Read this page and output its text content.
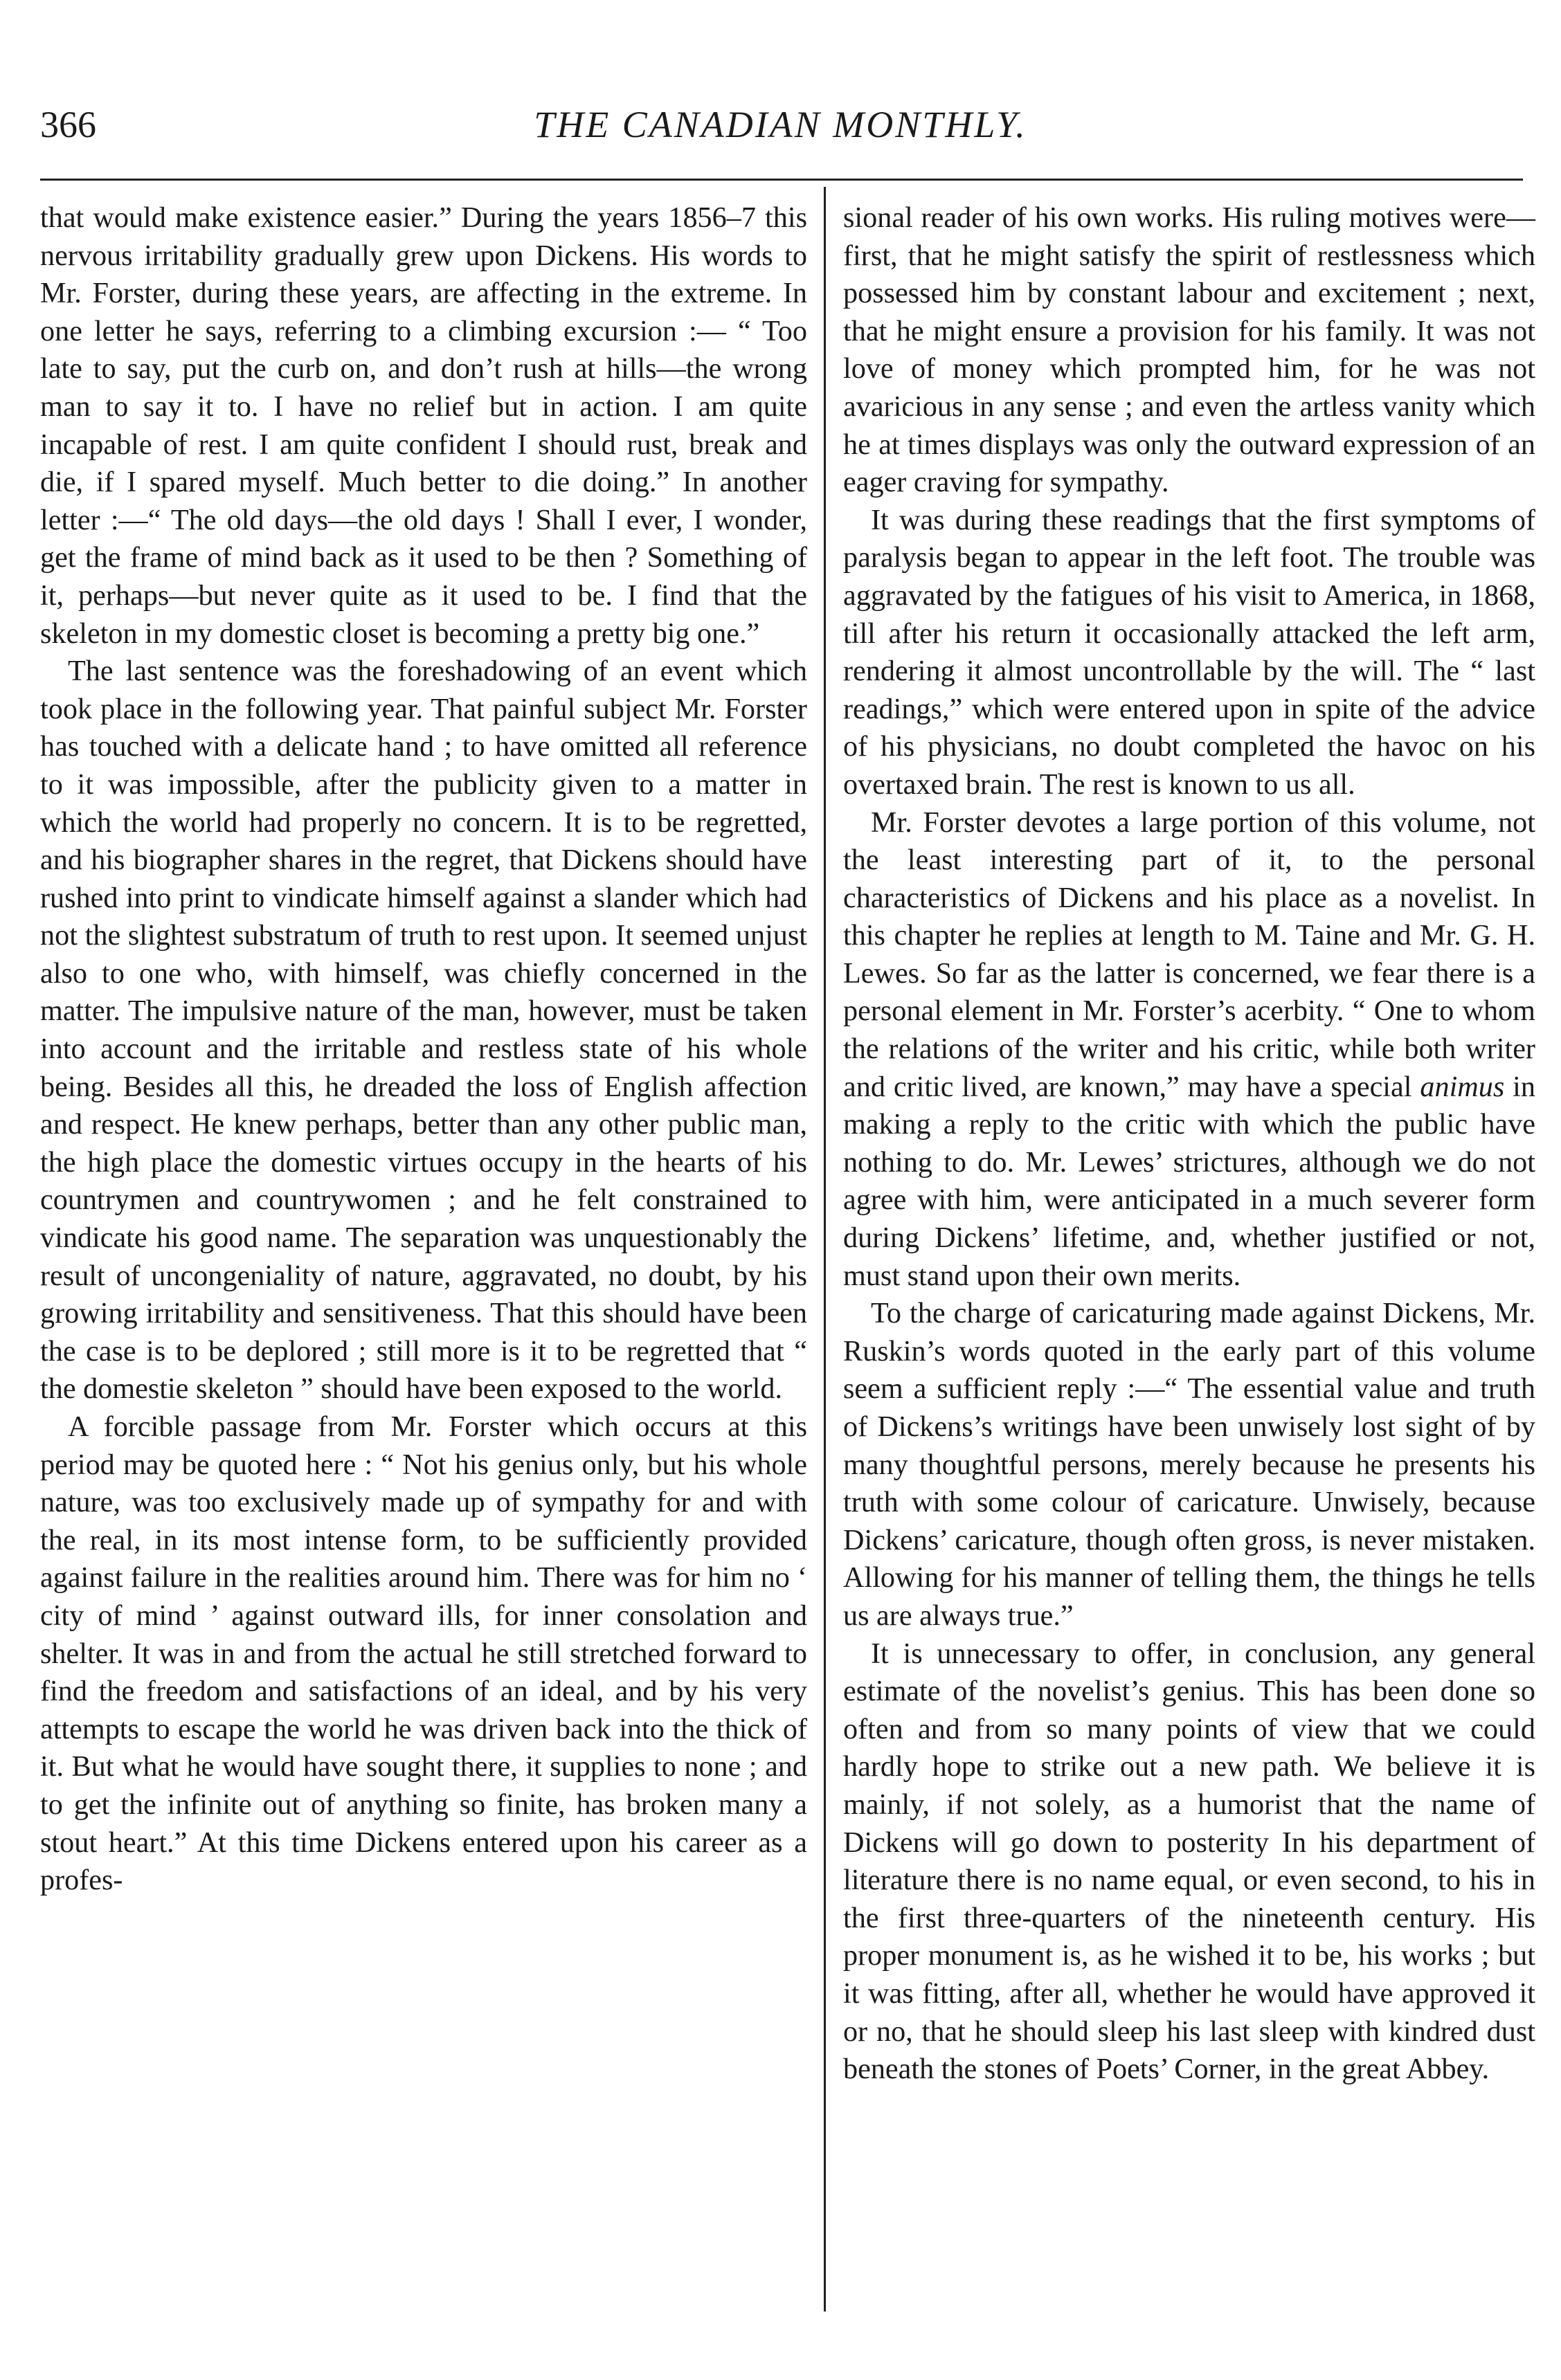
366	THE CANADIAN MONTHLY.

that would make existence easier.” During the years 1856–7 this nervous irritability gradually grew upon Dickens. His words to Mr. Forster, during these years, are affecting in the extreme. In one letter he says, referring to a climbing excursion :— “ Too late to say, put the curb on, and don’t rush at hills—the wrong man to say it to. I have no relief but in action. I am quite incapable of rest. I am quite confident I should rust, break and die, if I spared myself. Much better to die doing.” In another letter :—“ The old days—the old days ! Shall I ever, I wonder, get the frame of mind back as it used to be then ? Something of it, perhaps—but never quite as it used to be. I find that the skeleton in my domestic closet is becoming a pretty big one.”

The last sentence was the foreshadowing of an event which took place in the following year. That painful subject Mr. Forster has touched with a delicate hand ; to have omitted all reference to it was impossible, after the publicity given to a matter in which the world had properly no concern. It is to be regretted, and his biographer shares in the regret, that Dickens should have rushed into print to vindicate himself against a slander which had not the slightest substratum of truth to rest upon. It seemed unjust also to one who, with himself, was chiefly concerned in the matter. The impulsive nature of the man, however, must be taken into account and the irritable and restless state of his whole being. Besides all this, he dreaded the loss of English affection and respect. He knew perhaps, better than any other public man, the high place the domestic virtues occupy in the hearts of his countrymen and countrywomen ; and he felt constrained to vindicate his good name. The separation was unquestionably the result of uncongeniality of nature, aggravated, no doubt, by his growing irritability and sensitiveness. That this should have been the case is to be deplored ; still more is it to be regretted that “ the domestie skeleton ” should have been exposed to the world.

A forcible passage from Mr. Forster which occurs at this period may be quoted here : “ Not his genius only, but his whole nature, was too exclusively made up of sympathy for and with the real, in its most intense form, to be sufficiently provided against failure in the realities around him. There was for him no ‘ city of mind ’ against outward ills, for inner consolation and shelter. It was in and from the actual he still stretched forward to find the freedom and satisfactions of an ideal, and by his very attempts to escape the world he was driven back into the thick of it. But what he would have sought there, it supplies to none ; and to get the infinite out of anything so finite, has broken many a stout heart.” At this time Dickens entered upon his career as a profes-

sional reader of his own works. His ruling motives were—first, that he might satisfy the spirit of restlessness which possessed him by constant labour and excitement ; next, that he might ensure a provision for his family. It was not love of money which prompted him, for he was not avaricious in any sense ; and even the artless vanity which he at times displays was only the outward expression of an eager craving for sympathy.

It was during these readings that the first symptoms of paralysis began to appear in the left foot. The trouble was aggravated by the fatigues of his visit to America, in 1868, till after his return it occasionally attacked the left arm, rendering it almost uncontrollable by the will. The “ last readings,” which were entered upon in spite of the advice of his physicians, no doubt completed the havoc on his overtaxed brain. The rest is known to us all.

Mr. Forster devotes a large portion of this volume, not the least interesting part of it, to the personal characteristics of Dickens and his place as a novelist. In this chapter he replies at length to M. Taine and Mr. G. H. Lewes. So far as the latter is concerned, we fear there is a personal element in Mr. Forster’s acerbity. “ One to whom the relations of the writer and his critic, while both writer and critic lived, are known,” may have a special animus in making a reply to the critic with which the public have nothing to do. Mr. Lewes’ strictures, although we do not agree with him, were anticipated in a much severer form during Dickens’ lifetime, and, whether justified or not, must stand upon their own merits.

To the charge of caricaturing made against Dickens, Mr. Ruskin’s words quoted in the early part of this volume seem a sufficient reply :—“ The essential value and truth of Dickens’s writings have been unwisely lost sight of by many thoughtful persons, merely because he presents his truth with some colour of caricature. Unwisely, because Dickens’ caricature, though often gross, is never mistaken. Allowing for his manner of telling them, the things he tells us are always true.”

It is unnecessary to offer, in conclusion, any general estimate of the novelist’s genius. This has been done so often and from so many points of view that we could hardly hope to strike out a new path. We believe it is mainly, if not solely, as a humorist that the name of Dickens will go down to posterity In his department of literature there is no name equal, or even second, to his in the first three-quarters of the nineteenth century. His proper monument is, as he wished it to be, his works ; but it was fitting, after all, whether he would have approved it or no, that he should sleep his last sleep with kindred dust beneath the stones of Poets’ Corner, in the great Abbey.
